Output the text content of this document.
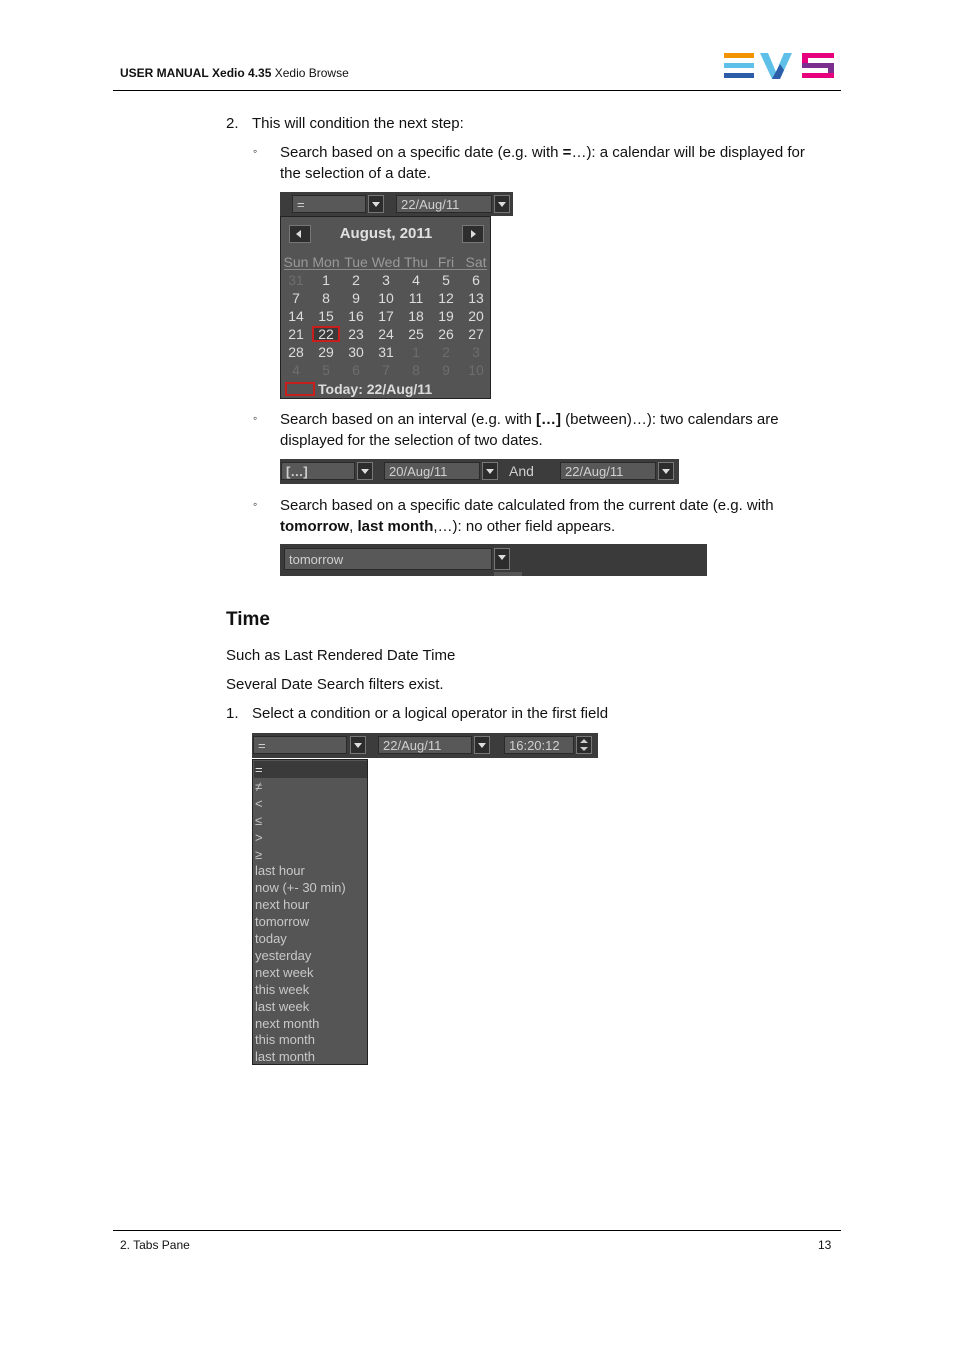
USER MANUAL Xedio 4.35 Xedio Browse
2. This will condition the next step:
◦ Search based on a specific date (e.g. with =…): a calendar will be displayed for
the selection of a date.
=	22/Aug/11
August, 2011
Sun Mon Tue Wed Thu Fri Sat
31	1	2	3	4	5	6
7	8	9	10	11	12	13
14	15	16	17	18	19	20
21	22	23	24	25	26	27
28	29	30	31	1	2	3
4	5	6	7	8	9	10
Today: 22/Aug/11
◦ Search based on an interval (e.g. with […] (between)…): two calendars are
displayed for the selection of two dates.
[…]	20/Aug/11	And	22/Aug/11
◦ Search based on a specific date calculated from the current date (e.g. with
tomorrow, last month,…): no other field appears.
tomorrow
Time
Such as Last Rendered Date Time
Several Date Search filters exist.
1. Select a condition or a logical operator in the first field
=	22/Aug/11	16:20:12
=
≠
<
≤
>
≥
last hour
now (+- 30 min)
next hour
tomorrow
today
yesterday
next week
this week
last week
next month
this month
last month
2. Tabs Pane	13
